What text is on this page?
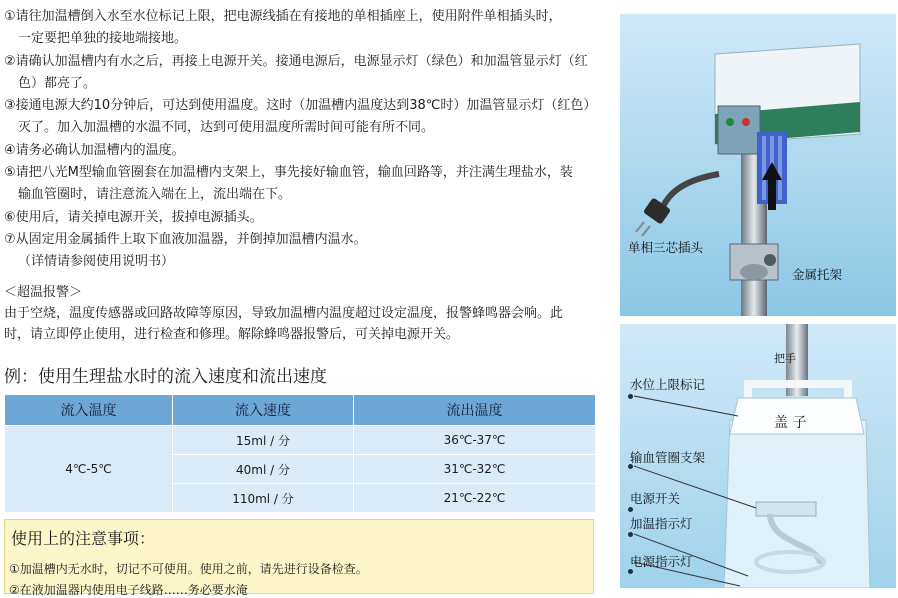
①请往加温槽倒入水至水位标记上限，把电源线插在有接地的单相插座上，使用附件单相插头时，

一定要把单独的接地端接地。

②请确认加温槽内有水之后，再接上电源开关。接通电源后，电源显示灯（绿色）和加温管显示灯（红

色）都亮了。

③接通电源大约10分钟后，可达到使用温度。这时（加温槽内温度达到38℃时）加温管显示灯（红色）

灭了。加入加温槽的水温不同，达到可使用温度所需时间可能有所不同。

④请务必确认加温槽内的温度。

⑤请把八光M型输血管圈套在加温槽内支架上，事先接好输血管，输血回路等，并注满生理盐水，装

输血管圈时，请注意流入端在上，流出端在下。

⑥使用后，请关掉电源开关，拔掉电源插头。

⑦从固定用金属插件上取下血液加温器，并倒掉加温槽内温水。

（详情请参阅使用说明书）

＜超温报警＞

由于空烧，温度传感器或回路故障等原因，导致加温槽内温度超过设定温度，报警蜂鸣器会响。此

时，请立即停止使用，进行检查和修理。解除蜂鸣器报警后，可关掉电源开关。

例：使用生理盐水时的流入速度和流出速度
流入温度	流入速度	流出温度
4℃-5℃	15ml / 分	36℃-37℃
	40ml / 分	31℃-32℃
	110ml / 分	21℃-22℃
使用上的注意事项：
①加温槽内无水时，切记不可使用。使用之前，请先进行设备检查。
②在液加温器内使用电子线路……务必要水淹
单相三芯插头
金属托架
把手
盖 子
水位上限标记
输血管圈支架
电源开关
加温指示灯
电源指示灯
